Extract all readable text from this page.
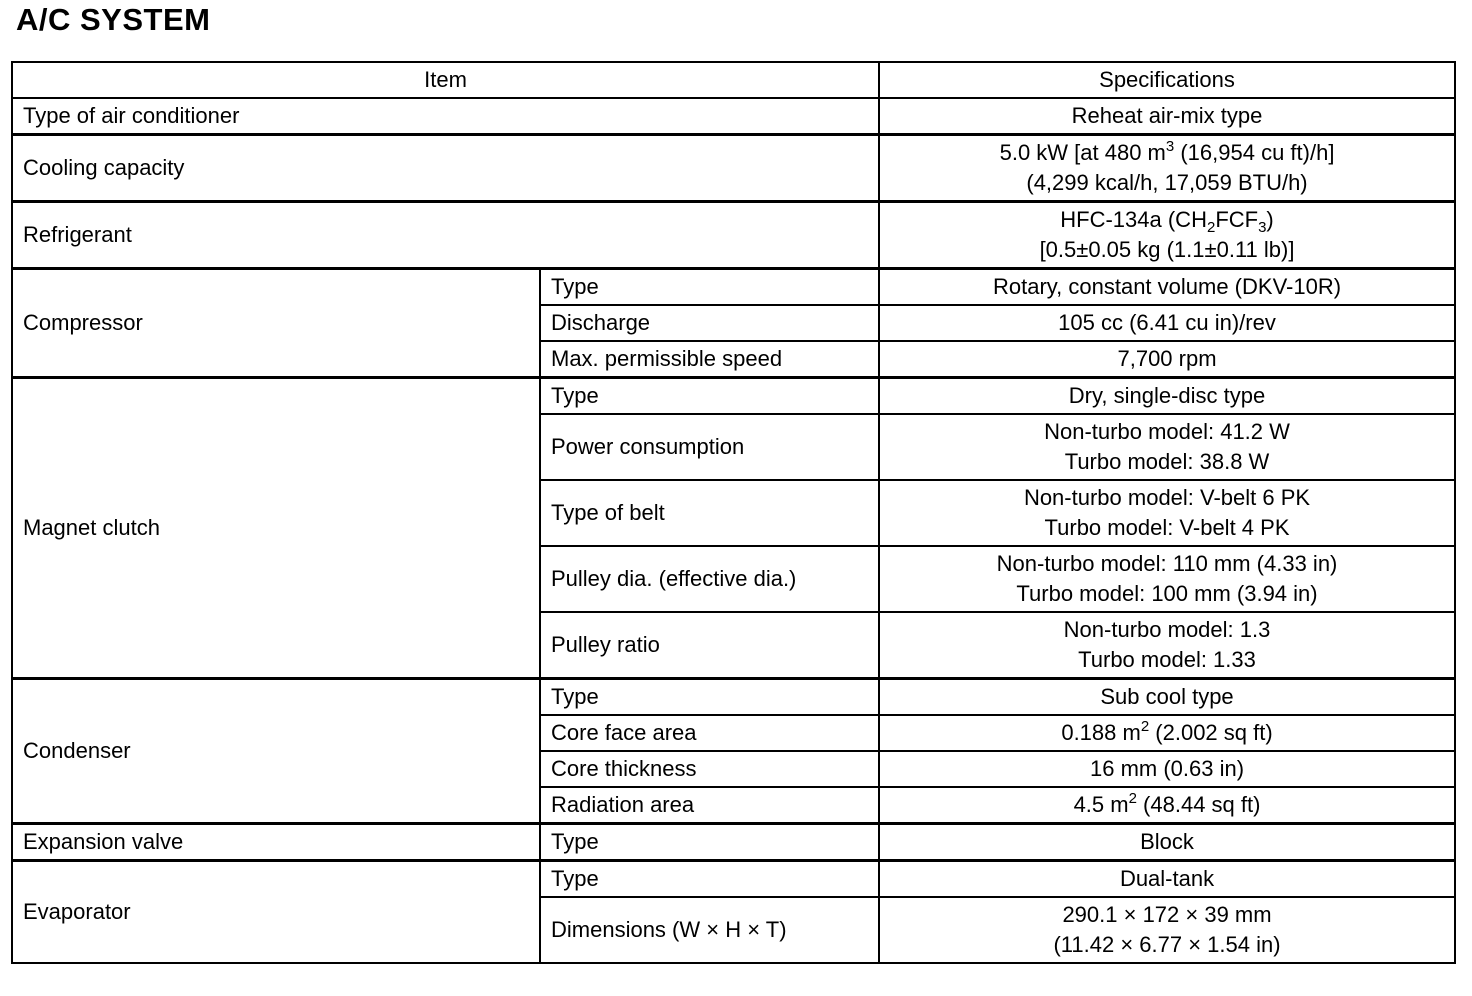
A/C SYSTEM
Item		Specifications
Type of air conditioner		Reheat air-mix type
Cooling capacity		5.0 kW [at 480 $m^3$ (16,954 cu ft)/h]
(4,299 kcal/h, 17,059 BTU/h)
Refrigerant		HFC-134a $(CH_2FCF_3)$
[0.5±0.05 kg (1.1±0.11 lb)]
Compressor	Type	Rotary, constant volume (DKV-10R)
	Discharge	105 cc (6.41 cu in)/rev
	Max. permissible speed	7,700 rpm
Magnet clutch	Type	Dry, single-disc type
	Power consumption	Non-turbo model: 41.2 W
Turbo model: 38.8 W
	Type of belt	Non-turbo model: V-belt 6 PK
Turbo model: V-belt 4 PK
	Pulley dia. (effective dia.)	Non-turbo model: 110 mm (4.33 in)
Turbo model: 100 mm (3.94 in)
	Pulley ratio	Non-turbo model: 1.3
Turbo model: 1.33
Condenser	Type	Sub cool type
	Core face area	0.188 $m^2$ (2.002 sq ft)
	Core thickness	16 mm (0.63 in)
	Radiation area	4.5 $m^2$ (48.44 sq ft)
Expansion valve	Type	Block
Evaporator	Type	Dual-tank
	Dimensions (W × H × T)	290.1 × 172 × 39 mm
(11.42 × 6.77 × 1.54 in)
